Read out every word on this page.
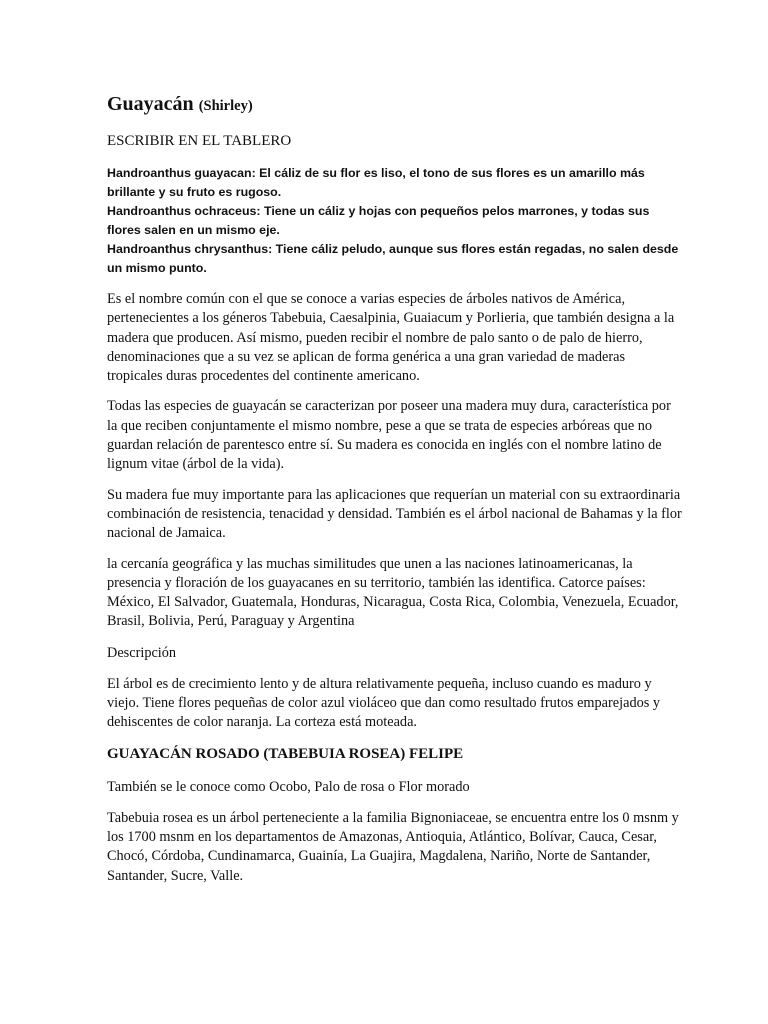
Guayacán (Shirley)
ESCRIBIR EN EL TABLERO

Handroanthus guayacan: El cáliz de su flor es liso, el tono de sus flores es un amarillo más brillante y su fruto es rugoso.

Handroanthus ochraceus: Tiene un cáliz y hojas con pequeños pelos marrones, y todas sus flores salen en un mismo eje.

Handroanthus chrysanthus: Tiene cáliz peludo, aunque sus flores están regadas, no salen desde un mismo punto.

Es el nombre común con el que se conoce a varias especies de árboles nativos de América, pertenecientes a los géneros Tabebuia, Caesalpinia, Guaiacum y Porlieria, que también designa a la madera que producen. Así mismo, pueden recibir el nombre de palo santo o de palo de hierro, denominaciones que a su vez se aplican de forma genérica a una gran variedad de maderas tropicales duras procedentes del continente americano.

Todas las especies de guayacán se caracterizan por poseer una madera muy dura, característica por la que reciben conjuntamente el mismo nombre, pese a que se trata de especies arbóreas que no guardan relación de parentesco entre sí. Su madera es conocida en inglés con el nombre latino de lignum vitae (árbol de la vida).

Su madera fue muy importante para las aplicaciones que requerían un material con su extraordinaria combinación de resistencia, tenacidad y densidad. También es el árbol nacional de Bahamas y la flor nacional de Jamaica.

la cercanía geográfica y las muchas similitudes que unen a las naciones latinoamericanas, la presencia y floración de los guayacanes en su territorio, también las identifica. Catorce países: México, El Salvador, Guatemala, Honduras, Nicaragua, Costa Rica, Colombia, Venezuela, Ecuador, Brasil, Bolivia, Perú, Paraguay y Argentina

Descripción

El árbol es de crecimiento lento y de altura relativamente pequeña, incluso cuando es maduro y viejo. Tiene flores pequeñas de color azul violáceo que dan como resultado frutos emparejados y dehiscentes de color naranja. La corteza está moteada.

GUAYACÁN ROSADO (TABEBUIA ROSEA) FELIPE
También se le conoce como Ocobo, Palo de rosa o Flor morado

Tabebuia rosea es un árbol perteneciente a la familia Bignoniaceae, se encuentra entre los 0 msnm y los 1700 msnm en los departamentos de Amazonas, Antioquia, Atlántico, Bolívar, Cauca, Cesar, Chocó, Córdoba, Cundinamarca, Guainía, La Guajira, Magdalena, Nariño, Norte de Santander, Santander, Sucre, Valle.
